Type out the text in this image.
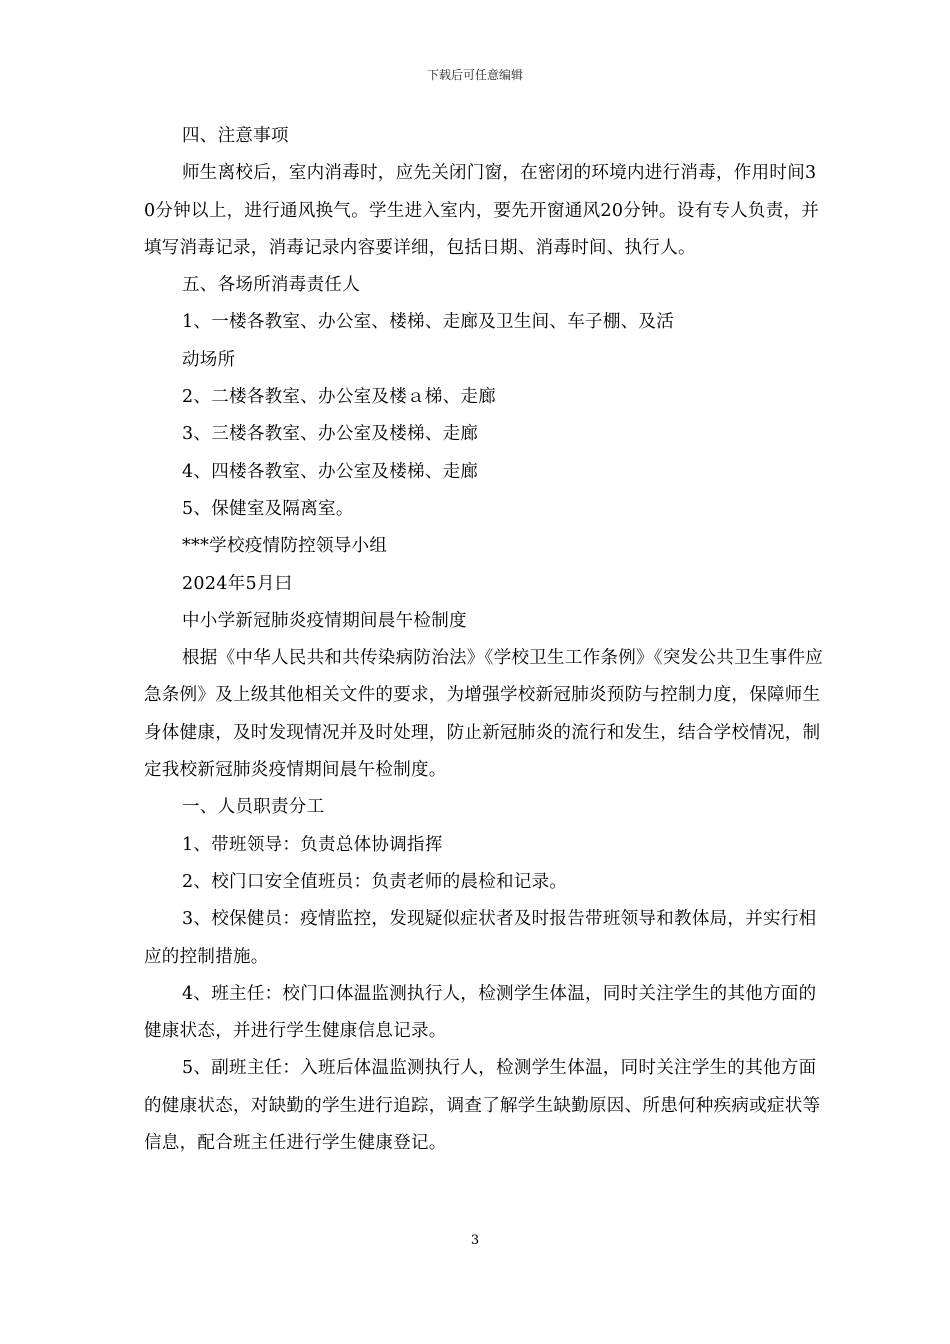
下载后可任意编辑

四、注意事项

师生离校后，室内消毒时，应先关闭门窗，在密闭的环境内进行消毒，作用时间30分钟以上，进行通风换气。学生进入室内，要先开窗通风20分钟。设有专人负责，并填写消毒记录，消毒记录内容要详细，包括日期、消毒时间、执行人。

五、各场所消毒责任人

1、一楼各教室、办公室、楼梯、走廊及卫生间、车子棚、及活

动场所

2、二楼各教室、办公室及楼ａ梯、走廊

3、三楼各教室、办公室及楼梯、走廊

4、四楼各教室、办公室及楼梯、走廊

5、保健室及隔离室。

***学校疫情防控领导小组

2024年5月曰

中小学新冠肺炎疫情期间晨午检制度

根据《中华人民共和共传染病防治法》《学校卫生工作条例》《突发公共卫生事件应急条例》及上级其他相关文件的要求，为增强学校新冠肺炎预防与控制力度，保障师生身体健康，及时发现情况并及时处理，防止新冠肺炎的流行和发生，结合学校情况，制定我校新冠肺炎疫情期间晨午检制度。

一、人员职责分工

1、带班领导：负责总体协调指挥

2、校门口安全值班员：负责老师的晨检和记录。

3、校保健员：疫情监控，发现疑似症状者及时报告带班领导和教体局，并实行相应的控制措施。

4、班主任：校门口体温监测执行人，检测学生体温，同时关注学生的其他方面的健康状态，并进行学生健康信息记录。

5、副班主任：入班后体温监测执行人，检测学生体温，同时关注学生的其他方面的健康状态，对缺勤的学生进行追踪，调查了解学生缺勤原因、所患何种疾病或症状等信息，配合班主任进行学生健康登记。

3
